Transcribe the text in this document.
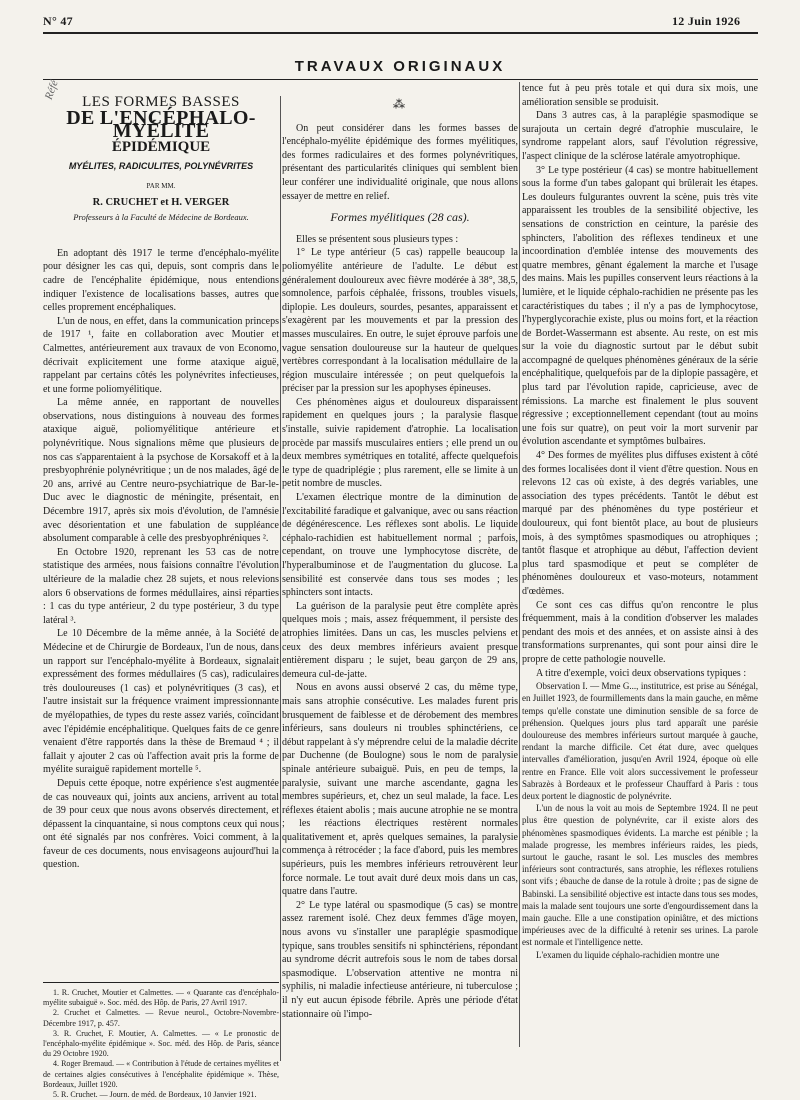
N° 47	12 Juin 1926
TRAVAUX ORIGINAUX
Réfé
LES FORMES BASSES
DE L'ENCÉPHALO-MYÉLITE
ÉPIDÉMIQUE
MYÉLITES, RADICULITES, POLYNÉVRITES
PAR MM.
R. CRUCHET et H. VERGER
Professeurs à la Faculté de Médecine de Bordeaux.

En adoptant dès 1917 le terme d'encéphalo-myélite pour désigner les cas qui, depuis, sont compris dans le cadre de l'encéphalite épidémique, nous entendions indiquer l'existence de localisations basses, autres que celles proprement encéphaliques.

L'un de nous, en effet, dans la communication princeps de 1917 ¹, faite en collaboration avec Moutier et Calmettes, antérieurement aux travaux de von Economo, décrivait explicitement une forme ataxique aiguë, rappelant par certains côtés les polynévrites infectieuses, et une forme poliomyélitique.

La même année, en rapportant de nouvelles observations, nous distinguions à nouveau des formes ataxique aiguë, poliomyélitique antérieure et polynévritique. Nous signalions même que plusieurs de nos cas s'apparentaient à la psychose de Korsakoff et à la presbyophrénie polynévritique ; un de nos malades, âgé de 20 ans, arrivé au Centre neuro-psychiatrique de Bar-le-Duc avec le diagnostic de méningite, présentait, en Décembre 1917, après six mois d'évolution, de l'amnésie avec désorientation et une fabulation de suppléance absolument comparable à celle des presbyophréniques ².

En Octobre 1920, reprenant les 53 cas de notre statistique des armées, nous faisions connaître l'évolution ultérieure de la maladie chez 28 sujets, et nous relevions alors 6 observations de formes médullaires, ainsi réparties : 1 cas du type antérieur, 2 du type postérieur, 3 du type latéral ³.

Le 10 Décembre de la même année, à la Société de Médecine et de Chirurgie de Bordeaux, l'un de nous, dans un rapport sur l'encéphalo-myélite à Bordeaux, signalait expressément des formes médullaires (5 cas), radiculaires très douloureuses (1 cas) et polynévritiques (3 cas), et l'autre insistait sur la fréquence vraiment impressionnante de myélopathies, de types du reste assez variés, coïncidant avec l'épidémie encéphalitique. Quelques faits de ce genre venaient d'être rapportés dans la thèse de Bremaud ⁴ ; il fallait y ajouter 2 cas où l'affection avait pris la forme de myélite suraiguë rapidement mortelle ⁵.

Depuis cette époque, notre expérience s'est augmentée de cas nouveaux qui, joints aux anciens, arrivent au total de 39 pour ceux que nous avons observés directement, et dépassent la cinquantaine, si nous comptons ceux qui nous ont été signalés par nos confrères. Voici comment, à la faveur de ces documents, nous envisageons aujourd'hui la question.

1. R. Cruchet, Moutier et Calmettes. — « Quarante cas d'encéphalo-myélite subaiguë ». Soc. méd. des Hôp. de Paris, 27 Avril 1917.

2. Cruchet et Calmettes. — Revue neurol., Octobre-Novembre-Décembre 1917, p. 457.

3. R. Cruchet, F. Moutier, A. Calmettes. — « Le pronostic de l'encéphalo-myélite épidémique ». Soc. méd. des Hôp. de Paris, séance du 29 Octobre 1920.

4. Roger Bremaud. — « Contribution à l'étude de certaines myélites et de certaines algies consécutives à l'encéphalite épidémique ». Thèse, Bordeaux, Juillet 1920.

5. R. Cruchet. — Journ. de méd. de Bordeaux, 10 Janvier 1921.

⁂

On peut considérer dans les formes basses de l'encéphalo-myélite épidémique des formes myélitiques, des formes radiculaires et des formes polynévritiques, présentant des particularités cliniques qui semblent bien leur conférer une individualité originale, que nous allons essayer de mettre en relief.

Formes myélitiques (28 cas).

Elles se présentent sous plusieurs types :

1° Le type antérieur (5 cas) rappelle beaucoup la poliomyélite antérieure de l'adulte. Le début est généralement douloureux avec fièvre modérée à 38°, 38,5, somnolence, parfois céphalée, frissons, troubles visuels, diplopie. Les douleurs, sourdes, pesantes, apparaissent et s'exagèrent par les mouvements et par la pression des masses musculaires. En outre, le sujet éprouve parfois une vague sensation douloureuse sur la hauteur de quelques vertèbres correspondant à la localisation médullaire de la région musculaire intéressée ; on peut quelquefois la préciser par la pression sur les apophyses épineuses.

Ces phénomènes aigus et douloureux disparaissent rapidement en quelques jours ; la paralysie flasque s'installe, suivie rapidement d'atrophie. La localisation procède par massifs musculaires entiers ; elle prend un ou deux membres symétriques en totalité, affecte quelquefois le type de quadriplégie ; plus rarement, elle se limite à un petit nombre de muscles.

L'examen électrique montre de la diminution de l'excitabilité faradique et galvanique, avec ou sans réaction de dégénérescence. Les réflexes sont abolis. Le liquide céphalo-rachidien est habituellement normal ; parfois, cependant, on trouve une lymphocytose discrète, de l'hyperalbuminose et de l'augmentation du glucose. La sensibilité est conservée dans tous ses modes ; les sphincters sont intacts.

La guérison de la paralysie peut être complète après quelques mois ; mais, assez fréquemment, il persiste des atrophies limitées. Dans un cas, les muscles pelviens et ceux des deux membres inférieurs avaient presque entièrement disparu ; le sujet, beau garçon de 29 ans, demeura cul-de-jatte.

Nous en avons aussi observé 2 cas, du même type, mais sans atrophie consécutive. Les malades furent pris brusquement de faiblesse et de dérobement des membres inférieurs, sans douleurs ni troubles sphinctériens, ce début rappelant à s'y méprendre celui de la maladie décrite par Duchenne (de Boulogne) sous le nom de paralysie spinale antérieure subaiguë. Puis, en peu de temps, la paralysie, suivant une marche ascendante, gagna les membres supérieurs, et, chez un seul malade, la face. Les réflexes étaient abolis ; mais aucune atrophie ne se montra ; les réactions électriques restèrent normales qualitativement et, après quelques semaines, la paralysie commença à rétrocéder ; la face d'abord, puis les membres supérieurs, puis les membres inférieurs retrouvèrent leur force normale. Le tout avait duré deux mois dans un cas, quatre dans l'autre.

2° Le type latéral ou spasmodique (5 cas) se montre assez rarement isolé. Chez deux femmes d'âge moyen, nous avons vu s'installer une paraplégie spasmodique typique, sans troubles sensitifs ni sphinctériens, répondant au syndrome décrit autrefois sous le nom de tabes dorsal spasmodique. L'observation attentive ne montra ni syphilis, ni maladie infectieuse antérieure, ni tuberculose ; il n'y eut aucun épisode fébrile. Après une période d'état stationnaire où l'impo-

tence fut à peu près totale et qui dura six mois, une amélioration sensible se produisit.

Dans 3 autres cas, à la paraplégie spasmodique se surajouta un certain degré d'atrophie musculaire, le syndrome rappelant alors, sauf l'évolution régressive, l'aspect clinique de la sclérose latérale amyotrophique.

3° Le type postérieur (4 cas) se montre habituellement sous la forme d'un tabes galopant qui brûlerait les étapes. Les douleurs fulgurantes ouvrent la scène, puis très vite apparaissent les troubles de la sensibilité objective, les sensations de constriction en ceinture, la parésie des sphincters, l'abolition des réflexes tendineux et une incoordination d'emblée intense des mouvements des quatre membres, gênant également la marche et l'usage des mains. Mais les pupilles conservent leurs réactions à la lumière, et le liquide céphalo-rachidien ne présente pas les caractéristiques du tabes ; il n'y a pas de lymphocytose, l'hyperglycorachie existe, plus ou moins fort, et la réaction de Bordet-Wassermann est absente. Au reste, on est mis sur la voie du diagnostic surtout par le début subit accompagné de quelques phénomènes généraux de la série encéphalitique, quelquefois par de la diplopie passagère, et plus tard par l'évolution rapide, capricieuse, avec de rémissions. La marche est finalement le plus souvent régressive ; exceptionnellement cependant (tout au moins une fois sur quatre), on peut voir la mort survenir par évolution ascendante et symptômes bulbaires.

4° Des formes de myélites plus diffuses existent à côté des formes localisées dont il vient d'être question. Nous en relevons 12 cas où existe, à des degrés variables, une association des types précédents. Tantôt le début est marqué par des phénomènes du type postérieur et douloureux, qui font bientôt place, au bout de plusieurs mois, à des symptômes spasmodiques ou atrophiques ; tantôt flasque et atrophique au début, l'affection devient plus tard spasmodique et peut se compléter de phénomènes douloureux et vaso-moteurs, notamment d'œdèmes.

Ce sont ces cas diffus qu'on rencontre le plus fréquemment, mais à la condition d'observer les malades pendant des mois et des années, et on assiste ainsi à des transformations surprenantes, qui sont pour ainsi dire le propre de cette pathologie nouvelle.

A titre d'exemple, voici deux observations typiques :

Observation I. — Mme G..., institutrice, est prise au Sénégal, en Juillet 1923, de fourmillements dans la main gauche, en même temps qu'elle constate une diminution sensible de sa force de préhension. Quelques jours plus tard apparaît une parésie douloureuse des membres inférieurs surtout marquée à gauche, rendant la marche difficile. Cet état dure, avec quelques intervalles d'amélioration, jusqu'en Avril 1924, époque où elle rentre en France. Elle voit alors successivement le professeur Sabrazès à Bordeaux et le professeur Chauffard à Paris : tous deux portent le diagnostic de polynévrite.

L'un de nous la voit au mois de Septembre 1924. Il ne peut plus être question de polynévrite, car il existe alors des phénomènes spasmodiques évidents. La marche est pénible ; la malade progresse, les membres inférieurs raides, les pieds, surtout le gauche, rasant le sol. Les muscles des membres inférieurs sont contracturés, sans atrophie, les réflexes rotuliens sont vifs ; ébauche de danse de la rotule à droite ; pas de signe de Babinski. La sensibilité objective est intacte dans tous ses modes, mais la malade sent toujours une sorte d'engourdissement dans la main gauche. Elle a une constipation opiniâtre, et des mictions impérieuses avec de la difficulté à retenir ses urines. La parole est normale et l'intelligence nette.

L'examen du liquide céphalo-rachidien montre une
